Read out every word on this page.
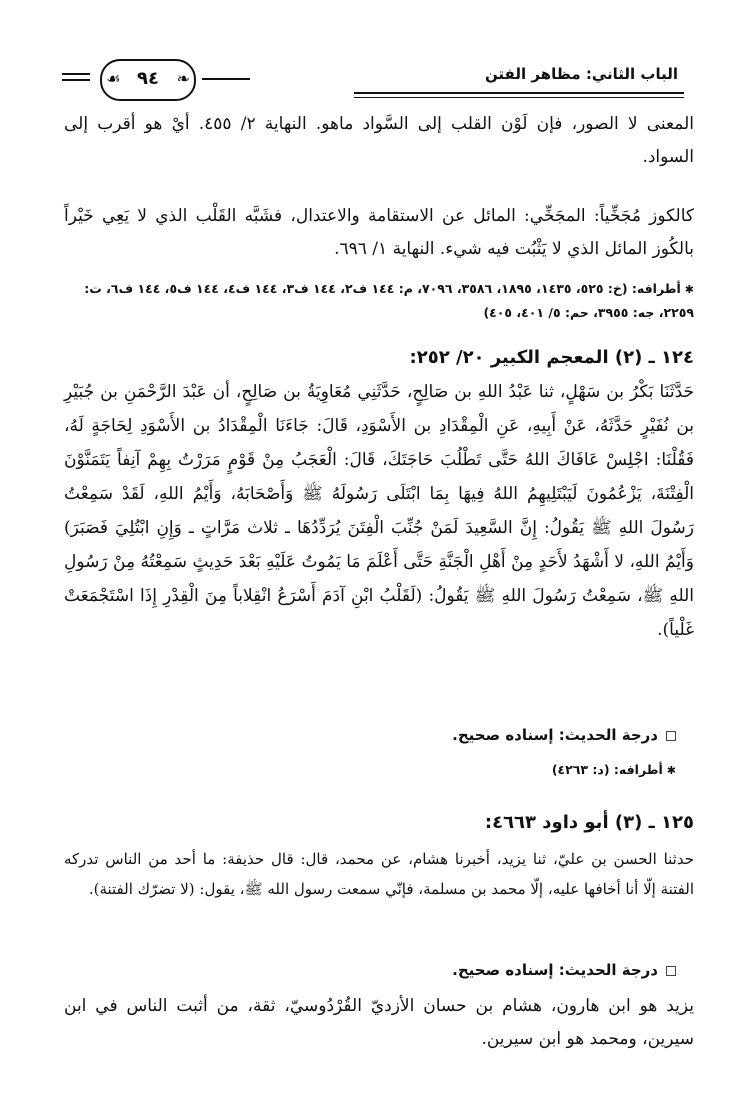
الباب الثاني: مظاهر الفتن
❧
٩٤
☙

المعنى لا الصور، فإن لَوْن القلب إلى السَّواد ماهو. النهاية ٢/ ٤٥٥. أيْ هو أقرب إلى السواد.

كالكوز مُجَخِّياً: المجَخِّي: المائل عن الاستقامة والاعتدال، فشَبَّه القَلْب الذي لا يَعِي خَيْراً بالكُوز المائل الذي لا يَثْبُت فيه شيء. النهاية ١/ ٦٩٦.

✱أطرافه: (خ: ٥٢٥، ١٤٣٥، ١٨٩٥، ٣٥٨٦، ٧٠٩٦، م: ١٤٤ ف٢، ١٤٤ ف٣، ١٤٤ ف٤، ١٤٤ ف٥، ١٤٤ ف٦، ت: ٢٢٥٩، جه: ٣٩٥٥، حم: ٥/ ٤٠١، ٤٠٥)
١٢٤ ـ (٢) المعجم الكبير ٢٠/ ٢٥٢:

حَدَّثَنَا بَكْرُ بن سَهْلٍ، ثنا عَبْدُ اللهِ بن صَالِحٍ، حَدَّثَنِي مُعَاوِيَةُ بن صَالِحٍ، أن عَبْدَ الرَّحْمَنِ بن جُبَيْرِ بن نُفَيْرٍ حَدَّثَهُ، عَنْ أَبِيهِ، عَنِ الْمِقْدَادِ بن الأَسْوَدِ، قَالَ: جَاءَنَا الْمِقْدَادُ بن الأَسْوَدِ لِحَاجَةٍ لَهُ، فَقُلْنَا: اجْلِسْ عَافَاكَ اللهُ حَتَّى تَطْلُبَ حَاجَتَكَ، قَالَ: الْعَجَبُ مِنْ قَوْمٍ مَرَرْتُ بِهِمْ آنِفاً يَتَمَنَّوْنَ الْفِتْنَةَ، يَزْعُمُونَ لَيَبْتَلِيهِمُ اللهُ فِيهَا بِمَا ابْتَلَى رَسُولَهُ ﷺ وَأَصْحَابَهُ، وَأَيْمُ اللهِ، لَقَدْ سَمِعْتُ رَسُولَ اللهِ ﷺ يَقُولُ: إِنَّ السَّعِيدَ لَمَنْ جُنِّبَ الْفِتَنَ يُرَدِّدُهَا ـ ثلاث مَرَّاتٍ ـ وَإِنِ ابْتُلِيَ فَصَبَرَ) وَأَيْمُ اللهِ، لا أَشْهَدُ لأَحَدٍ مِنْ أَهْلِ الْجَنَّةِ حَتَّى أَعْلَمَ مَا يَمُوتُ عَلَيْهِ بَعْدَ حَدِيثٍ سَمِعْتُهُ مِنْ رَسُولِ اللهِ ﷺ، سَمِعْتُ رَسُولَ اللهِ ﷺ يَقُولُ: (لَقَلْبُ ابْنِ آدَمَ أَسْرَعُ انْقِلاباً مِنَ الْقِدْرِ إِذَا اسْتَجْمَعَتْ غَلْياً).

درجة الحديث: إسناده صحيح.
✱أطرافه: (د: ٤٢٦٣)
١٢٥ ـ (٣) أبو داود ٤٦٦٣:

حدثنا الحسن بن عليّ، ثنا يزيد، أخبرنا هشام، عن محمد، قال: قال حذيفة: ما أحد من الناس تدركه الفتنة إلّا أنا أخافها عليه، إلّا محمد بن مسلمة، فإنّي سمعت رسول الله ﷺ، يقول: (لا تضرّك الفتنة).

درجة الحديث: إسناده صحيح.

يزيد هو ابن هارون، هشام بن حسان الأزديّ القُرْدُوسيّ، ثقة، من أثبت الناس في ابن سيرين، ومحمد هو ابن سيرين.
